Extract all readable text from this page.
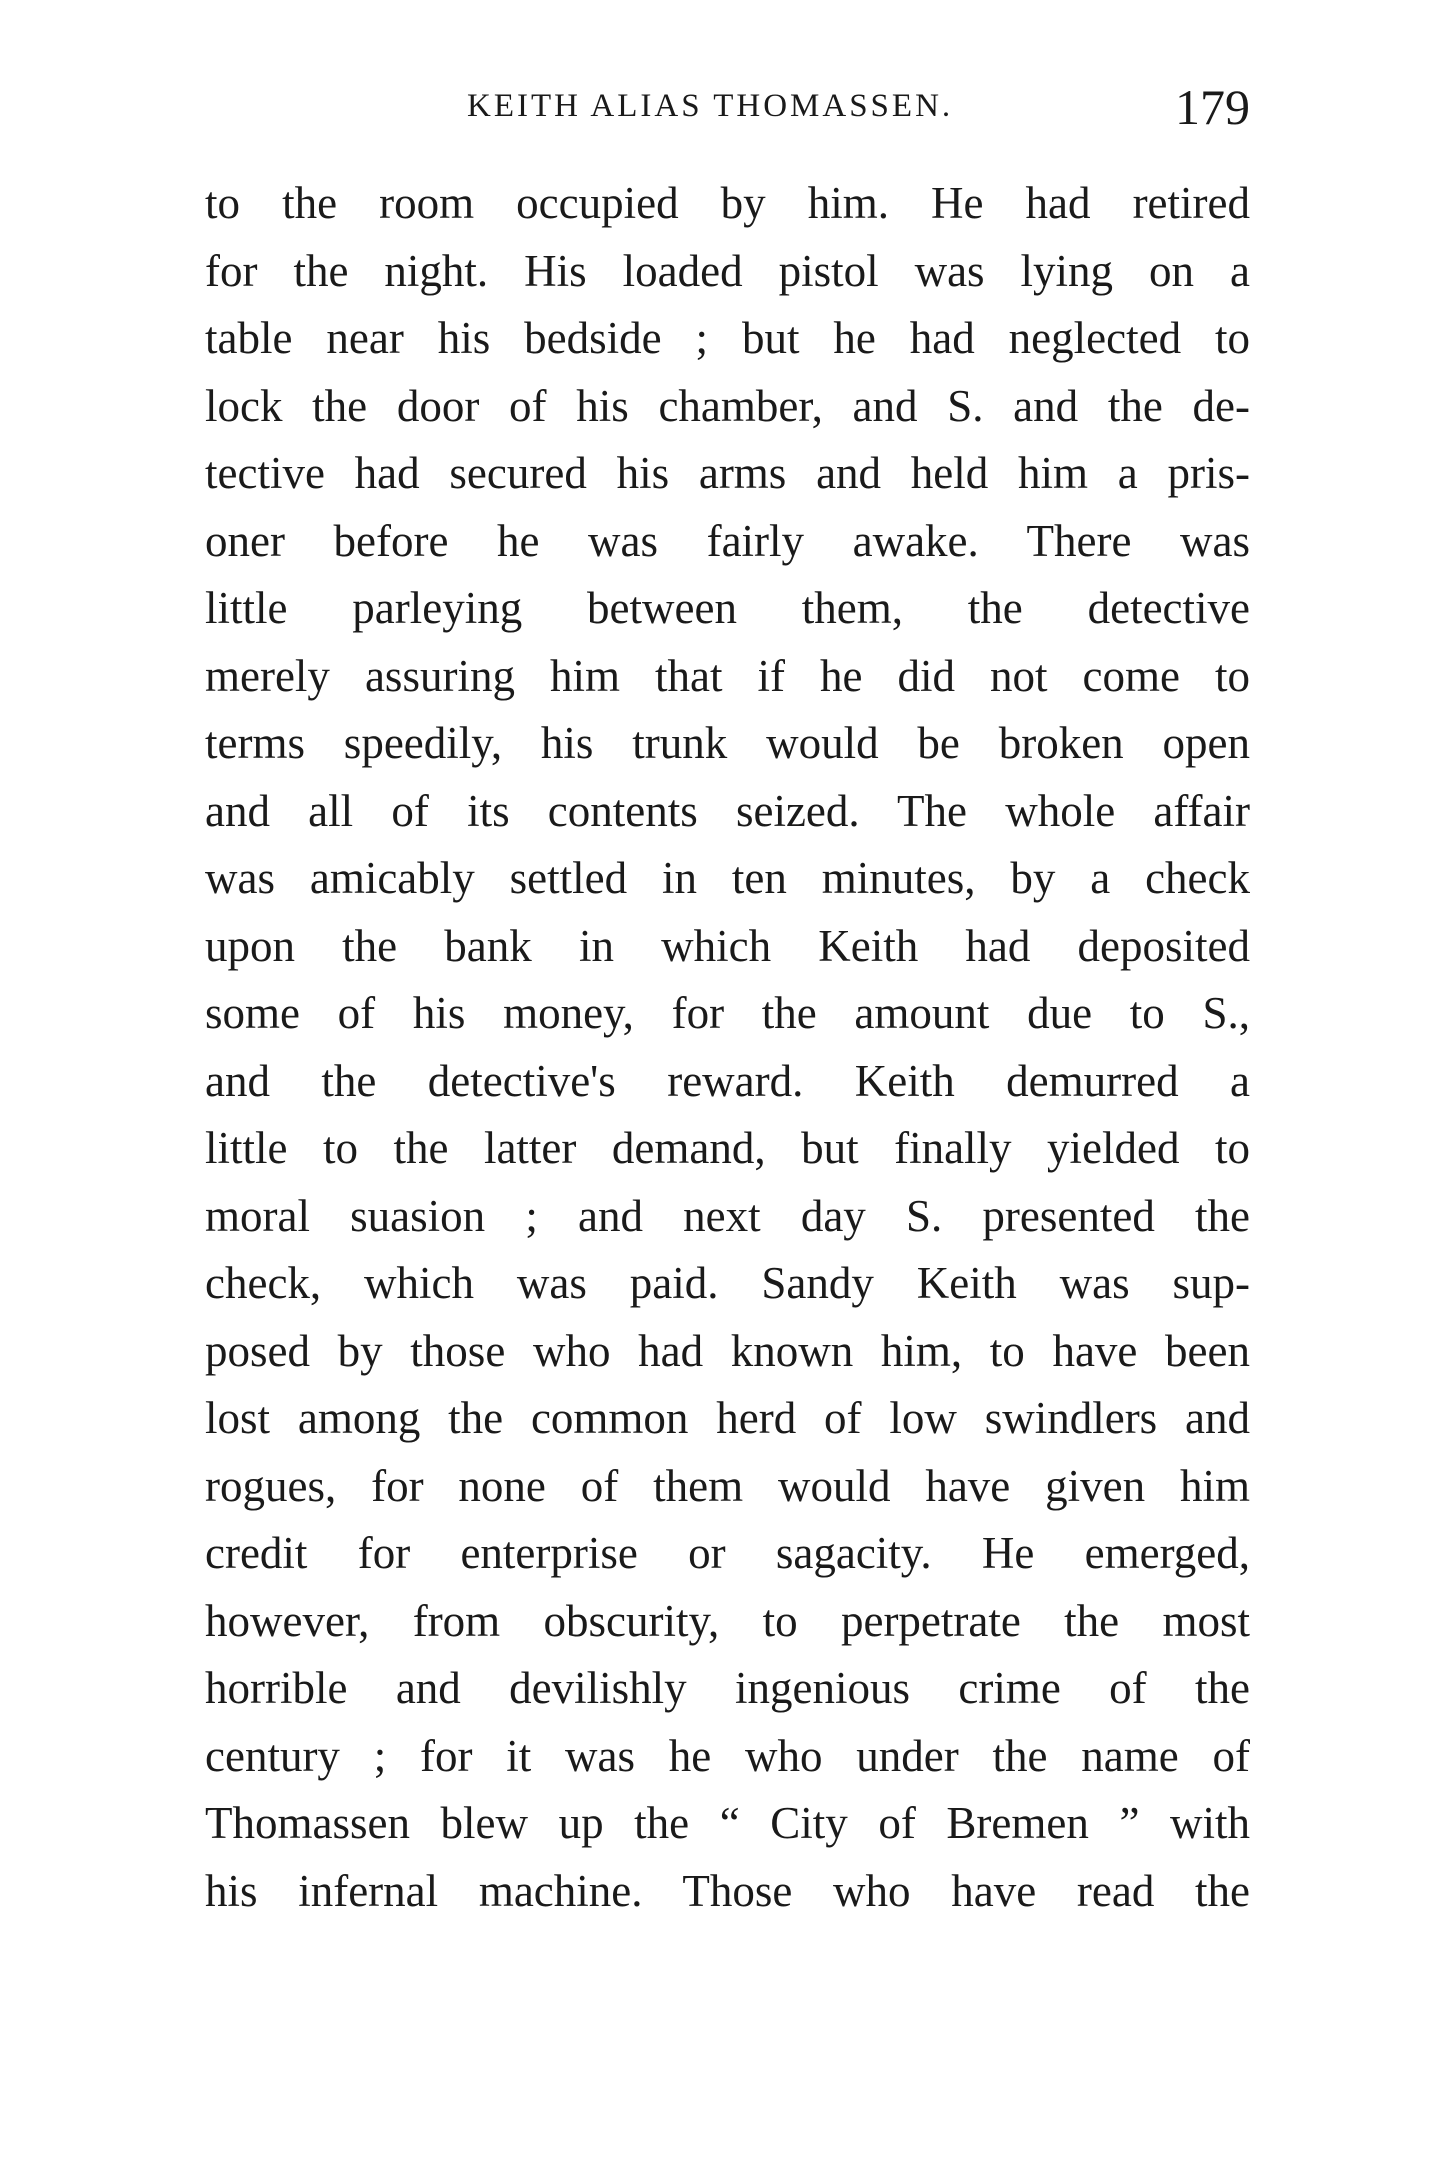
KEITH ALIAS THOMASSEN.	179
to the room occupied by him. He had retired
for the night. His loaded pistol was lying on a
table near his bedside ; but he had neglected to
lock the door of his chamber, and S. and the de-
tective had secured his arms and held him a pris-
oner before he was fairly awake. There was
little parleying between them, the detective
merely assuring him that if he did not come to
terms speedily, his trunk would be broken open
and all of its contents seized. The whole affair
was amicably settled in ten minutes, by a check
upon the bank in which Keith had deposited
some of his money, for the amount due to S.,
and the detective's reward. Keith demurred a
little to the latter demand, but finally yielded to
moral suasion ; and next day S. presented the
check, which was paid. Sandy Keith was sup-
posed by those who had known him, to have been
lost among the common herd of low swindlers and
rogues, for none of them would have given him
credit for enterprise or sagacity. He emerged,
however, from obscurity, to perpetrate the most
horrible and devilishly ingenious crime of the
century ; for it was he who under the name of
Thomassen blew up the “ City of Bremen ” with
his infernal machine. Those who have read the
